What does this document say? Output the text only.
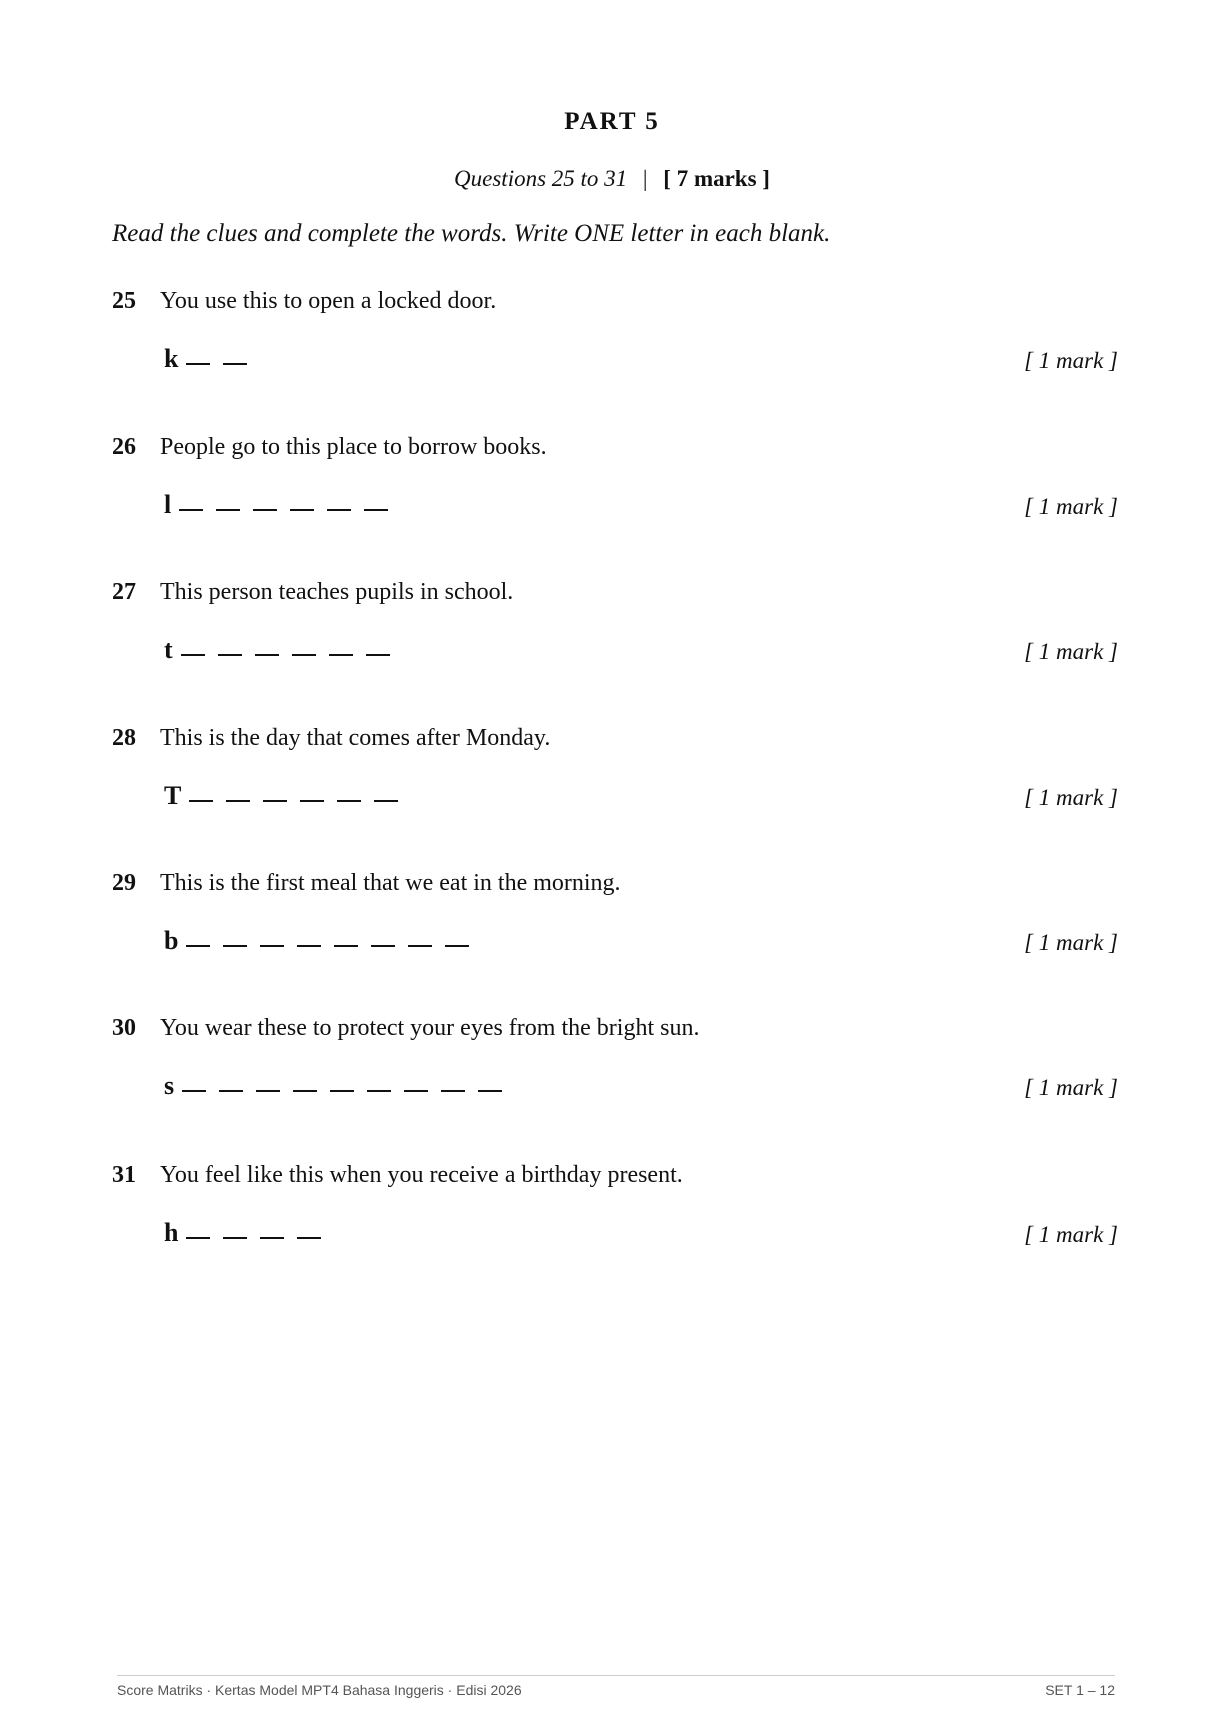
PART 5
Questions 25 to 31 | [ 7 marks ]
Read the clues and complete the words. Write ONE letter in each blank.
25 You use this to open a locked door.
k	[ 1 mark ]
26 People go to this place to borrow books.
l	[ 1 mark ]
27 This person teaches pupils in school.
t	[ 1 mark ]
28 This is the day that comes after Monday.
T	[ 1 mark ]
29 This is the first meal that we eat in the morning.
b	[ 1 mark ]
30 You wear these to protect your eyes from the bright sun.
s	[ 1 mark ]
31 You feel like this when you receive a birthday present.
h	[ 1 mark ]
Score Matriks · Kertas Model MPT4 Bahasa Inggeris · Edisi 2026	SET 1 – 12
